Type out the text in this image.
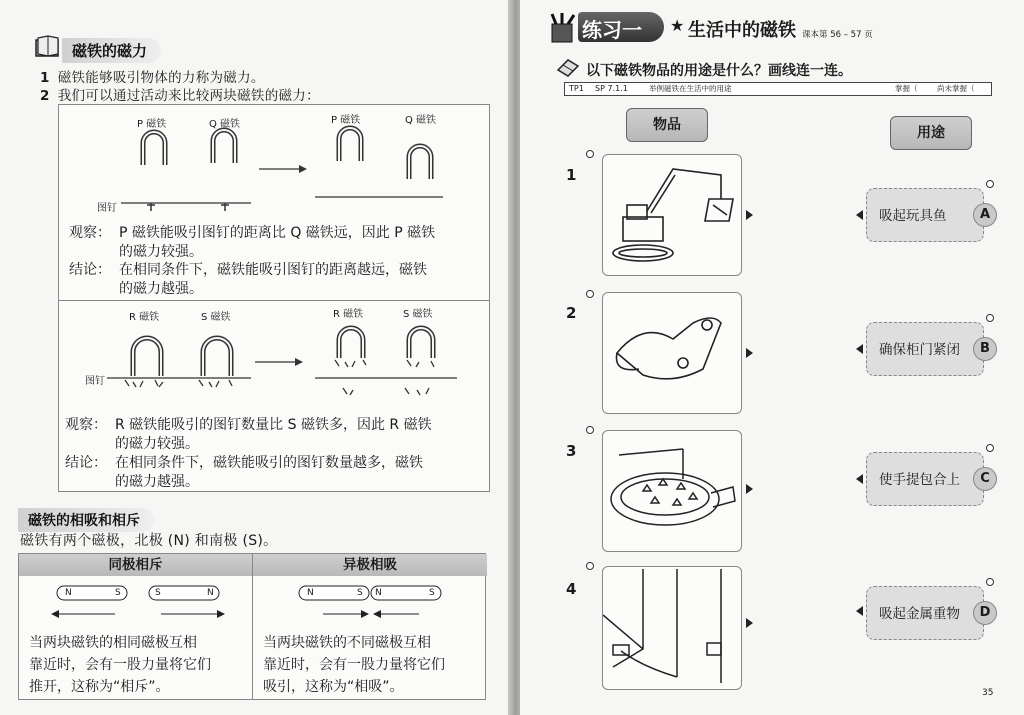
磁铁的磁力
1 磁铁能够吸引物体的力称为磁力。
2 我们可以通过活动来比较两块磁铁的磁力：
P 磁铁	Q 磁铁	P 磁铁	Q 磁铁
图钉
观察： P 磁铁能吸引图钉的距离比 Q 磁铁远，因此 P 磁铁
的磁力较强。
结论： 在相同条件下，磁铁能吸引图钉的距离越远，磁铁
的磁力越强。
R 磁铁	S 磁铁	R 磁铁	S 磁铁
图钉
观察： R 磁铁能吸引的图钉数量比 S 磁铁多，因此 R 磁铁
的磁力较强。
结论： 在相同条件下，磁铁能吸引的图钉数量越多，磁铁
的磁力越强。
磁铁的相吸和相斥
磁铁有两个磁极，北极 (N) 和南极 (S)。
同极相斥
N	S	S	N
当两块磁铁的相同磁极互相
靠近时，会有一股力量将它们
推开，这称为“相斥”。
异极相吸
N	S N	S
当两块磁铁的不同磁极互相
靠近时，会有一股力量将它们
吸引，这称为“相吸”。
练习一 ★ 生活中的磁铁 课本第 56 – 57 页
以下磁铁物品的用途是什么？画线连一连。
TP1 SP 7.1.1	举例磁铁在生活中的用途	掌握（	尚未掌握（
物品	用途
1
2
3
4
吸起玩具鱼	A
确保柜门紧闭	B
使手提包合上	C
吸起金属重物	D
35
